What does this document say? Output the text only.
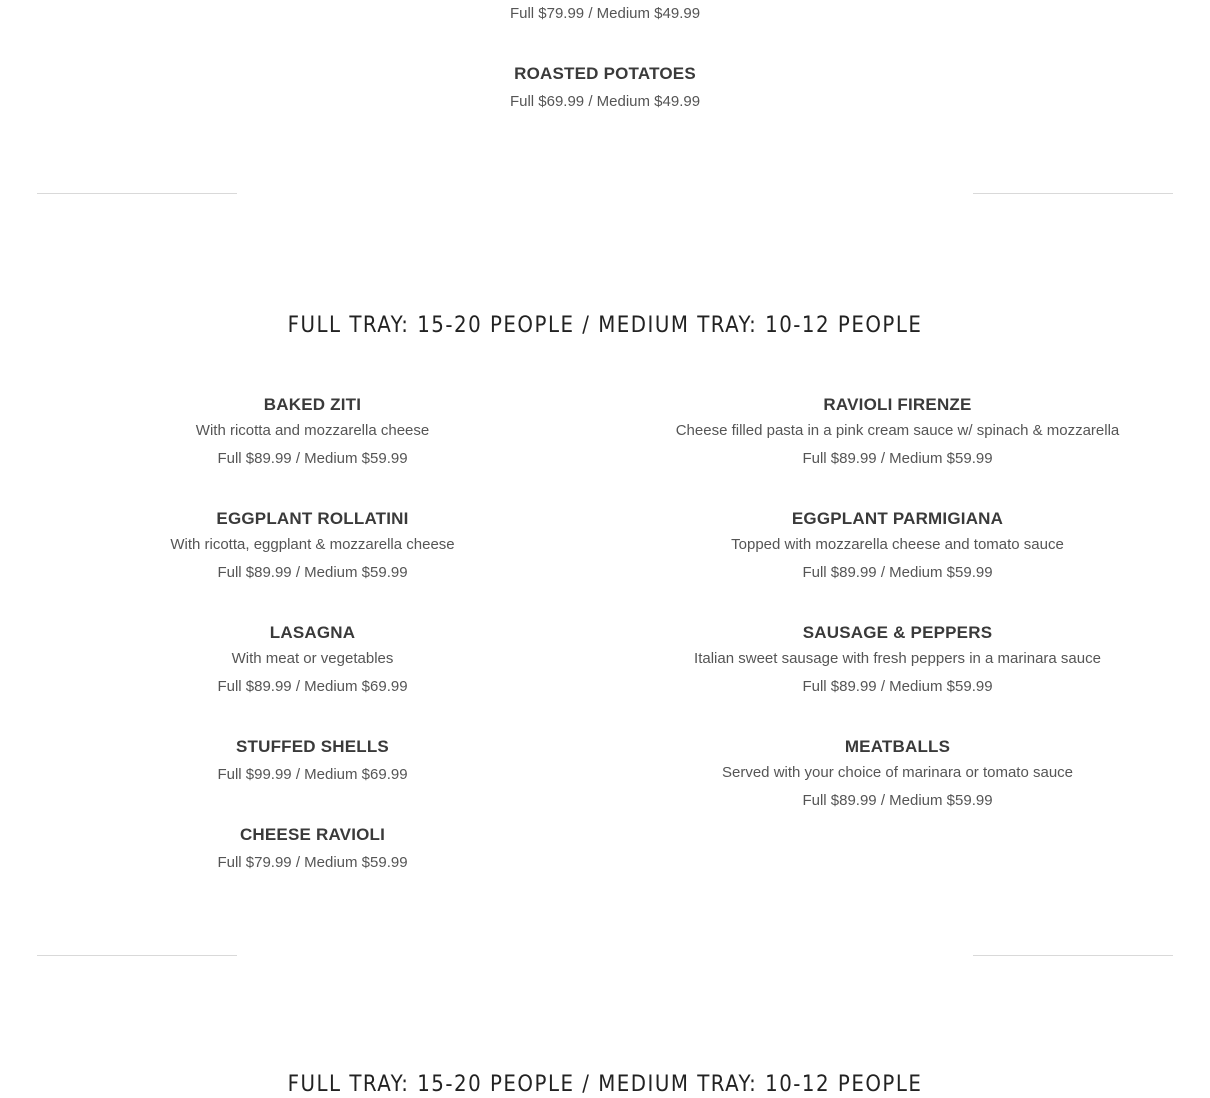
Full $79.99 / Medium $49.99
ROASTED POTATOES
Full $69.99 / Medium $49.99
FULL TRAY: 15-20 PEOPLE / MEDIUM TRAY: 10-12 PEOPLE
BAKED ZITI
With ricotta and mozzarella cheese
Full $89.99 / Medium $59.99
EGGPLANT ROLLATINI
With ricotta, eggplant & mozzarella cheese
Full $89.99 / Medium $59.99
LASAGNA
With meat or vegetables
Full $89.99 / Medium $69.99
STUFFED SHELLS
Full $99.99 / Medium $69.99
CHEESE RAVIOLI
Full $79.99 / Medium $59.99
RAVIOLI FIRENZE
Cheese filled pasta in a pink cream sauce w/ spinach & mozzarella
Full $89.99 / Medium $59.99
EGGPLANT PARMIGIANA
Topped with mozzarella cheese and tomato sauce
Full $89.99 / Medium $59.99
SAUSAGE & PEPPERS
Italian sweet sausage with fresh peppers in a marinara sauce
Full $89.99 / Medium $59.99
MEATBALLS
Served with your choice of marinara or tomato sauce
Full $89.99 / Medium $59.99
FULL TRAY: 15-20 PEOPLE / MEDIUM TRAY: 10-12 PEOPLE
